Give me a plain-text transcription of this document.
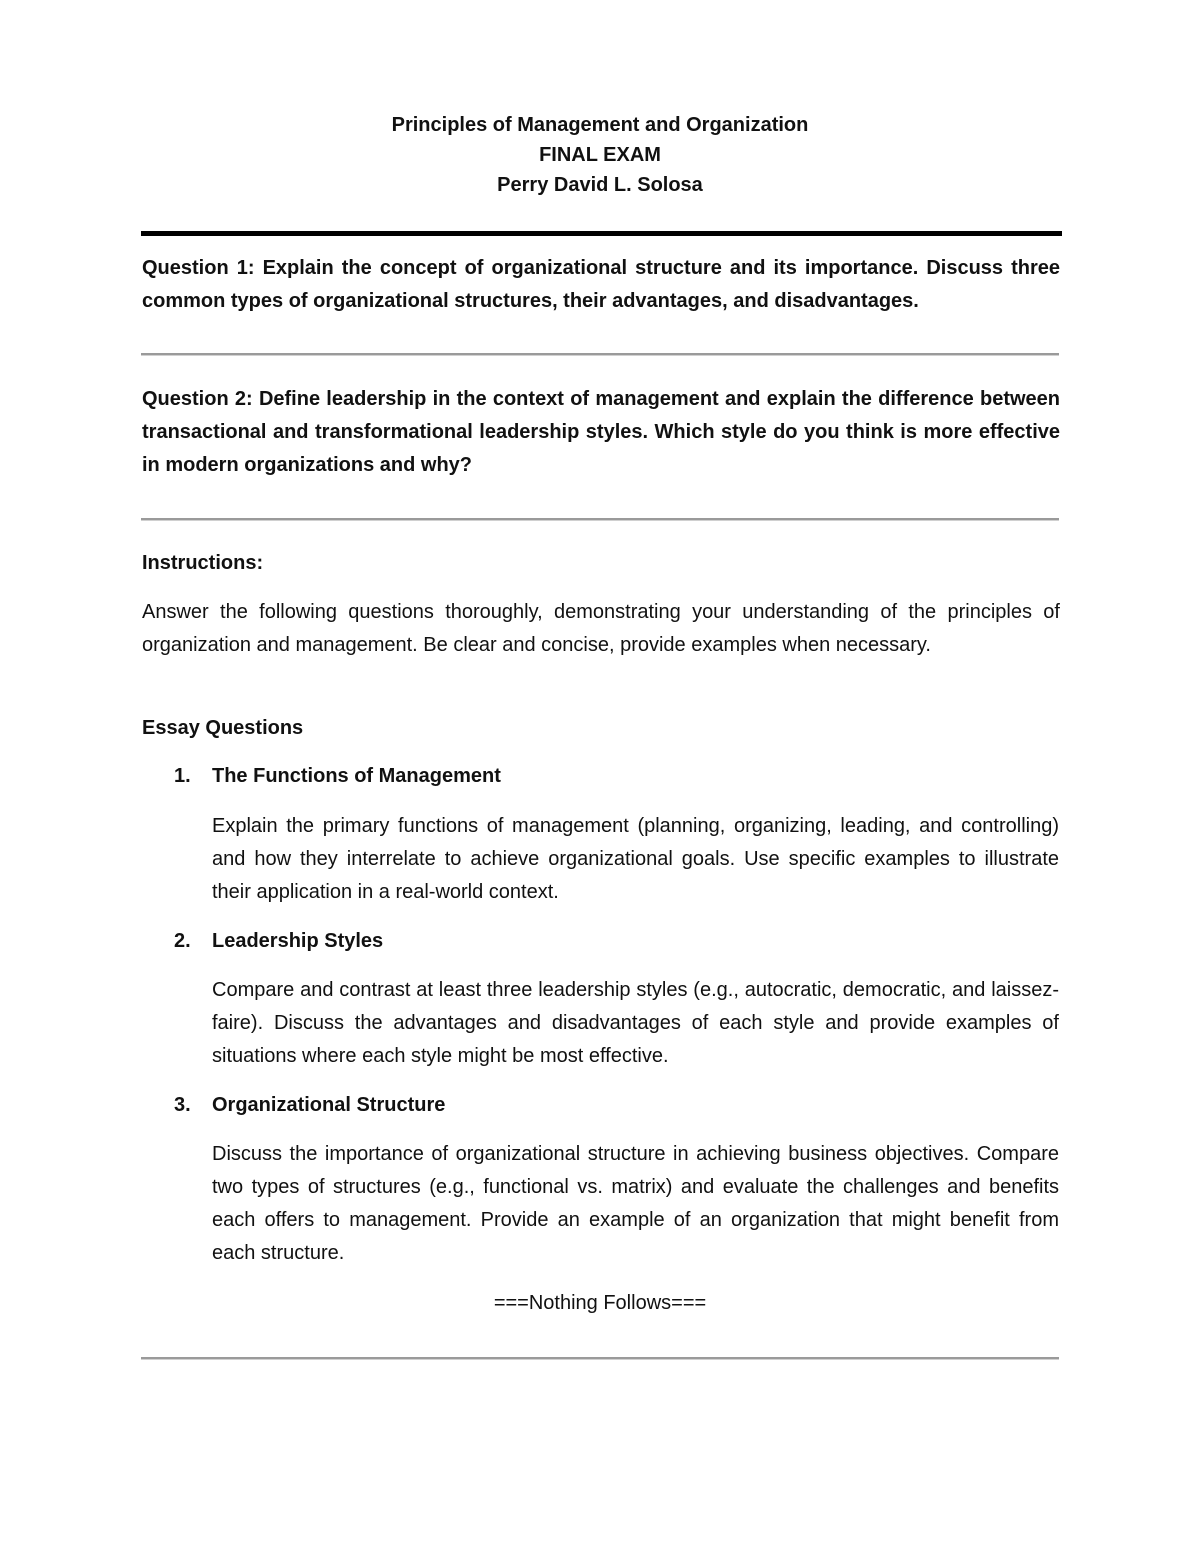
Principles of Management and Organization
FINAL EXAM
Perry David L. Solosa
Question 1: Explain the concept of organizational structure and its importance. Discuss three common types of organizational structures, their advantages, and disadvantages.
Question 2: Define leadership in the context of management and explain the difference between transactional and transformational leadership styles. Which style do you think is more effective in modern organizations and why?
Instructions:
Answer the following questions thoroughly, demonstrating your understanding of the principles of organization and management. Be clear and concise, provide examples when necessary.
Essay Questions
1. The Functions of Management
Explain the primary functions of management (planning, organizing, leading, and controlling) and how they interrelate to achieve organizational goals. Use specific examples to illustrate their application in a real-world context.
2. Leadership Styles
Compare and contrast at least three leadership styles (e.g., autocratic, democratic, and laissez-faire). Discuss the advantages and disadvantages of each style and provide examples of situations where each style might be most effective.
3. Organizational Structure
Discuss the importance of organizational structure in achieving business objectives. Compare two types of structures (e.g., functional vs. matrix) and evaluate the challenges and benefits each offers to management. Provide an example of an organization that might benefit from each structure.
===Nothing Follows===
